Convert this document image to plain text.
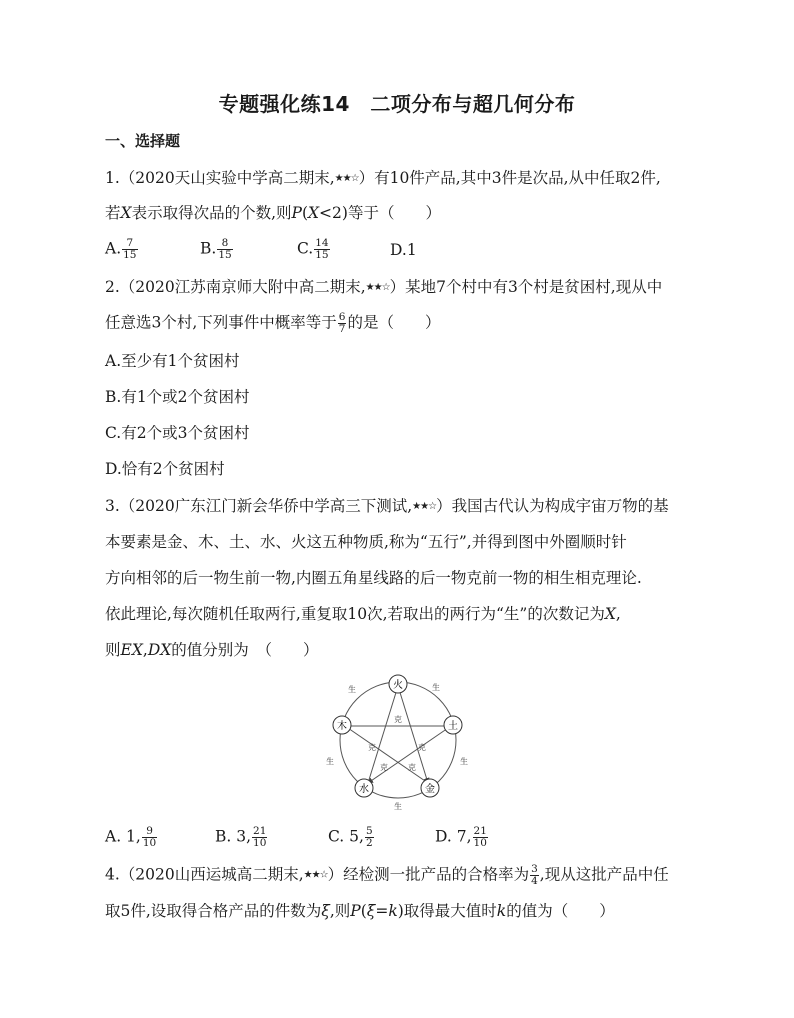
专题强化练14　二项分布与超几何分布
一、选择题
1.（2020天山实验中学高二期末,★★☆）有10件产品,其中3件是次品,从中任取2件,
若X表示取得次品的个数,则P(X<2)等于（　　）
A. $\frac{7}{15}$	B. $\frac{8}{15}$	C. $\frac{14}{15}$	D.1
2.（2020江苏南京师大附中高二期末,★★☆）某地7个村中有3个村是贫困村,现从中
任意选3个村,下列事件中概率等于 $\frac{6}{7}$ 的是（　　）
A.至少有1个贫困村
B.有1个或2个贫困村
C.有2个或3个贫困村
D.恰有2个贫困村
3.（2020广东江门新会华侨中学高三下测试,★★☆）我国古代认为构成宇宙万物的基
本要素是金、木、土、水、火这五种物质,称为“五行”,并得到图中外圈顺时针
方向相邻的后一物生前一物,内圈五角星线路的后一物克前一物的相生相克理论.
依此理论,每次随机任取两行,重复取10次,若取出的两行为“生”的次数记为X,
则EX,DX的值分别为　（　　）
火
土
金
水
木
生	生
生
生
生
克
克	克
克	克
A. 1, $\frac{9}{10}$	B. 3, $\frac{21}{10}$	C. 5, $\frac{5}{2}$	D. 7, $\frac{21}{10}$
4.（2020山西运城高二期末,★★☆）经检测一批产品的合格率为 $\frac{3}{4}$ ,现从这批产品中任
取5件,设取得合格产品的件数为ξ,则P(ξ=k)取得最大值时k的值为（　　）
